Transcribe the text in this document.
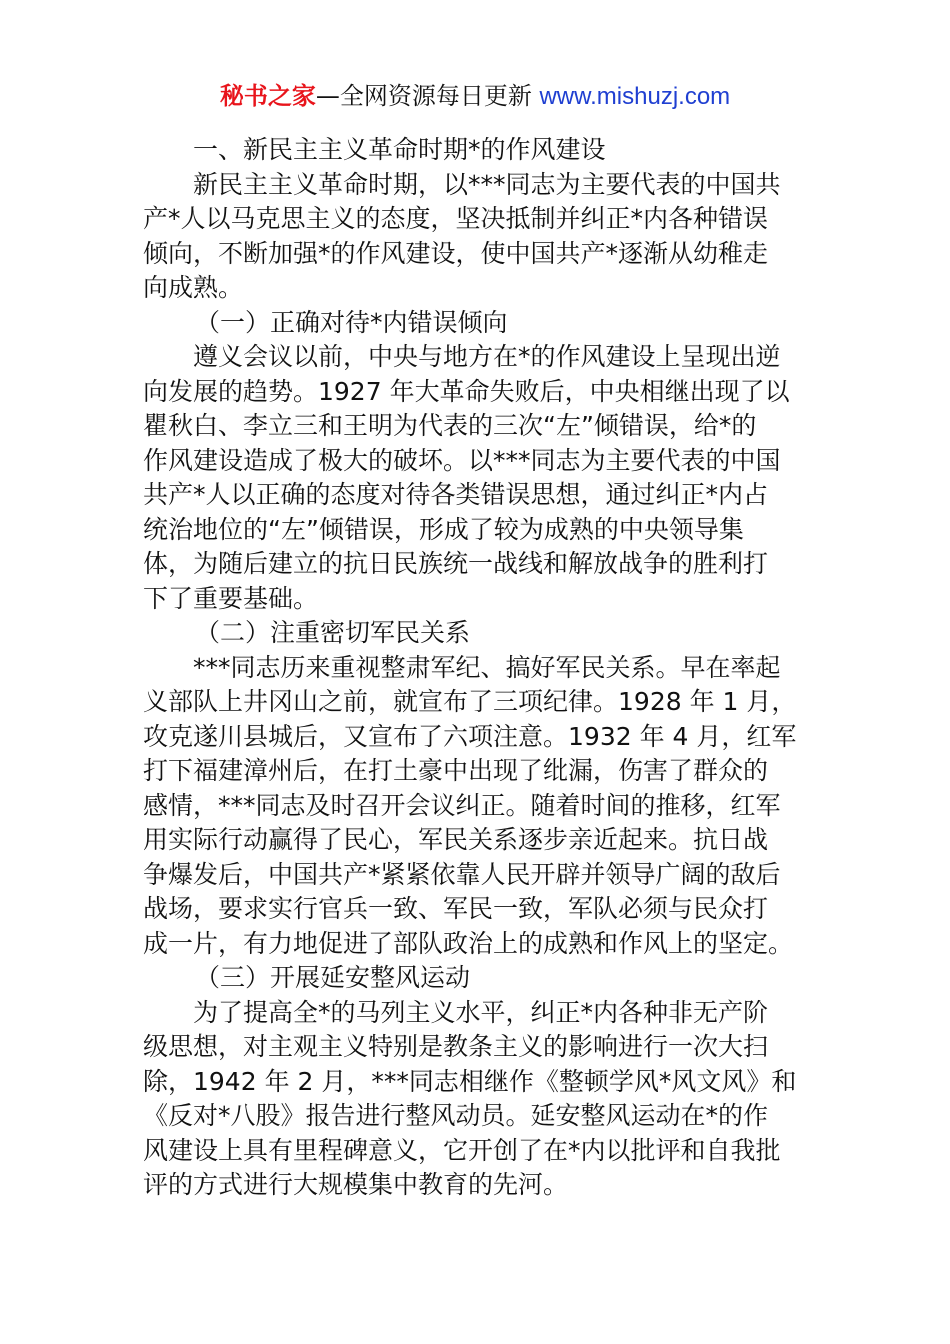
秘书之家—全网资源每日更新 www.mishuzj.com
一、新民主主义革命时期*的作风建设
新民主主义革命时期，以***同志为主要代表的中国共
产*人以马克思主义的态度，坚决抵制并纠正*内各种错误
倾向，不断加强*的作风建设，使中国共产*逐渐从幼稚走
向成熟。
（一）正确对待*内错误倾向
遵义会议以前，中央与地方在*的作风建设上呈现出逆
向发展的趋势。1927 年大革命失败后，中央相继出现了以
瞿秋白、李立三和王明为代表的三次“左”倾错误，给*的
作风建设造成了极大的破坏。以***同志为主要代表的中国
共产*人以正确的态度对待各类错误思想，通过纠正*内占
统治地位的“左”倾错误，形成了较为成熟的中央领导集
体，为随后建立的抗日民族统一战线和解放战争的胜利打
下了重要基础。
（二）注重密切军民关系
***同志历来重视整肃军纪、搞好军民关系。早在率起
义部队上井冈山之前，就宣布了三项纪律。1928 年 1 月，
攻克遂川县城后，又宣布了六项注意。1932 年 4 月，红军
打下福建漳州后，在打土豪中出现了纰漏，伤害了群众的
感情，***同志及时召开会议纠正。随着时间的推移，红军
用实际行动赢得了民心，军民关系逐步亲近起来。抗日战
争爆发后，中国共产*紧紧依靠人民开辟并领导广阔的敌后
战场，要求实行官兵一致、军民一致，军队必须与民众打
成一片，有力地促进了部队政治上的成熟和作风上的坚定。
（三）开展延安整风运动
为了提高全*的马列主义水平，纠正*内各种非无产阶
级思想，对主观主义特别是教条主义的影响进行一次大扫
除，1942 年 2 月，***同志相继作《整顿学风*风文风》和
《反对*八股》报告进行整风动员。延安整风运动在*的作
风建设上具有里程碑意义，它开创了在*内以批评和自我批
评的方式进行大规模集中教育的先河。
